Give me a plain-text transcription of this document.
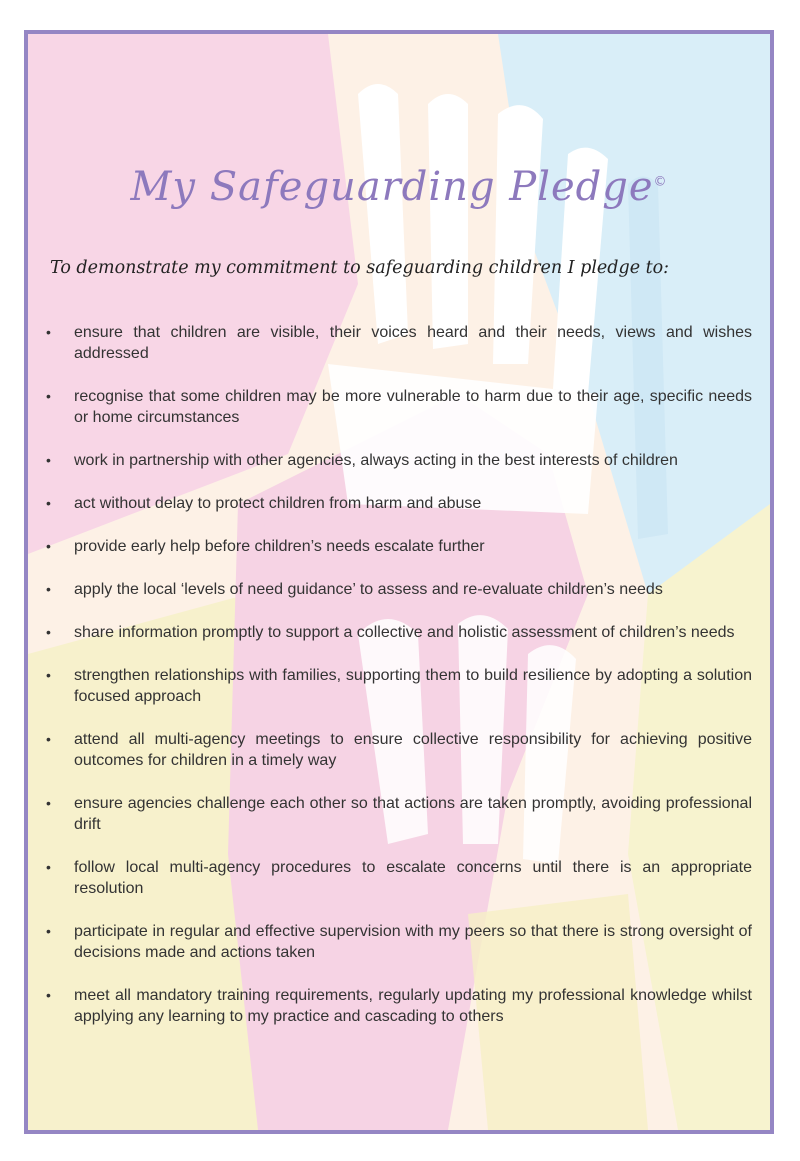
My Safeguarding Pledge©

To demonstrate my commitment to safeguarding children I pledge to:

• ensure that children are visible, their voices heard and their needs, views and wishes addressed
• recognise that some children may be more vulnerable to harm due to their age, specific needs or home circumstances
• work in partnership with other agencies, always acting in the best interests of children
• act without delay to protect children from harm and abuse
• provide early help before children’s needs escalate further
• apply the local ‘levels of need guidance’ to assess and re-evaluate children’s needs
• share information promptly to support a collective and holistic assessment of children’s needs
• strengthen relationships with families, supporting them to build resilience by adopting a solution focused approach
• attend all multi-agency meetings to ensure collective responsibility for achieving positive outcomes for children in a timely way
• ensure agencies challenge each other so that actions are taken promptly, avoiding professional drift
• follow local multi-agency procedures to escalate concerns until there is an appropriate resolution
• participate in regular and effective supervision with my peers so that there is strong oversight of decisions made and actions taken
• meet all mandatory training requirements, regularly updating my professional knowledge whilst applying any learning to my practice and cascading to others
